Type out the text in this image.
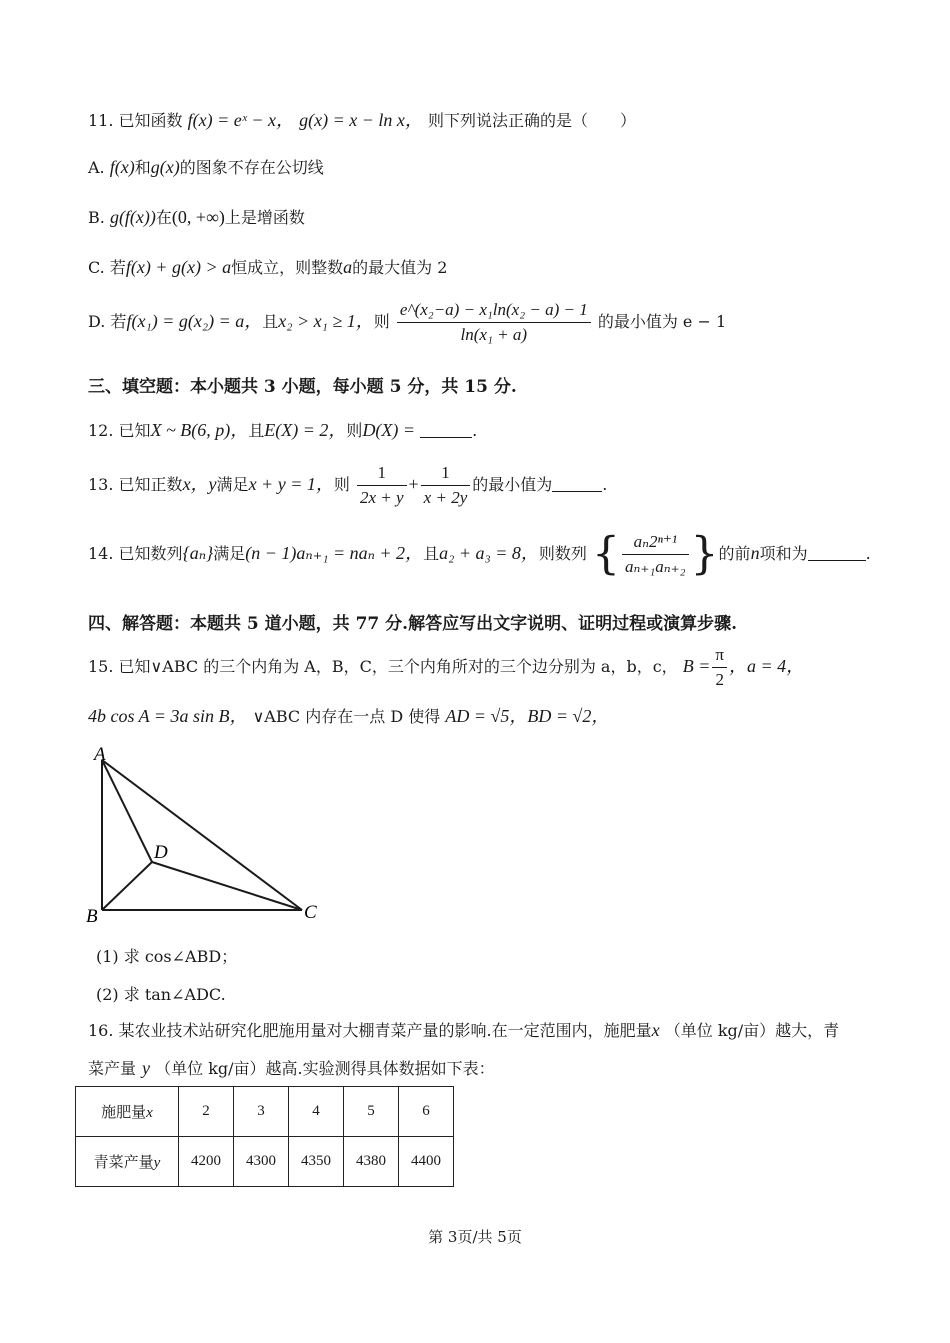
11. 已知函数 f(x) = eˣ − x， g(x) = x − ln x， 则下列说法正确的是（　　）
A. f(x)和g(x)的图象不存在公切线
B. g(f(x))在(0, +∞)上是增函数
C. 若f(x) + g(x) > a恒成立，则整数a的最大值为 2
D. 若f(x₁) = g(x₂) = a，且x₂ > x₁ ≥ 1，则 $\frac{\text{e\textasciicircum{}(x₂−a) − x₁ln(x₂ − a) − 1}}{\text{ln(x₁ + a)}}$ 的最小值为 e − 1
三、填空题：本小题共 3 小题，每小题 5 分，共 15 分.
12. 已知X ~ B(6, p)，且E(X) = 2，则D(X) =	.
13. 已知正数x，y满足x + y = 1，则 $\frac{1}{2x + y} + \frac{1}{x + 2y}$ 的最小值为	.
14. 已知数列{aₙ}满足(n − 1)aₙ₊₁ = naₙ + 2，且a₂ + a₃ = 8，则数列 { $\frac{\text{aₙ2ⁿ⁺¹}}{\text{aₙ₊₁aₙ₊₂}}$ }的前n项和为	.
四、解答题：本题共 5 道小题，共 77 分.解答应写出文字说明、证明过程或演算步骤.
15. 已知∨ABC 的三个内角为 A，B，C，三个内角所对的三个边分别为 a，b，c， $B = \frac{\pi}{2}$ ，a = 4，
4b cos A = 3a sin B， ∨ABC 内存在一点 D 使得 AD = √5，BD = √2，
A
B	C
D
(1) 求 cos∠ABD；
(2) 求 tan∠ADC.
16. 某农业技术站研究化肥施用量对大棚青菜产量的影响.在一定范围内，施肥量x （单位 kg/亩）越大，青
菜产量 y （单位 kg/亩）越高.实验测得具体数据如下表：
施肥量x	2	3	4	5	6
青菜产量y	4200	4300	4350	4380	4400
第 3页/共 5页
